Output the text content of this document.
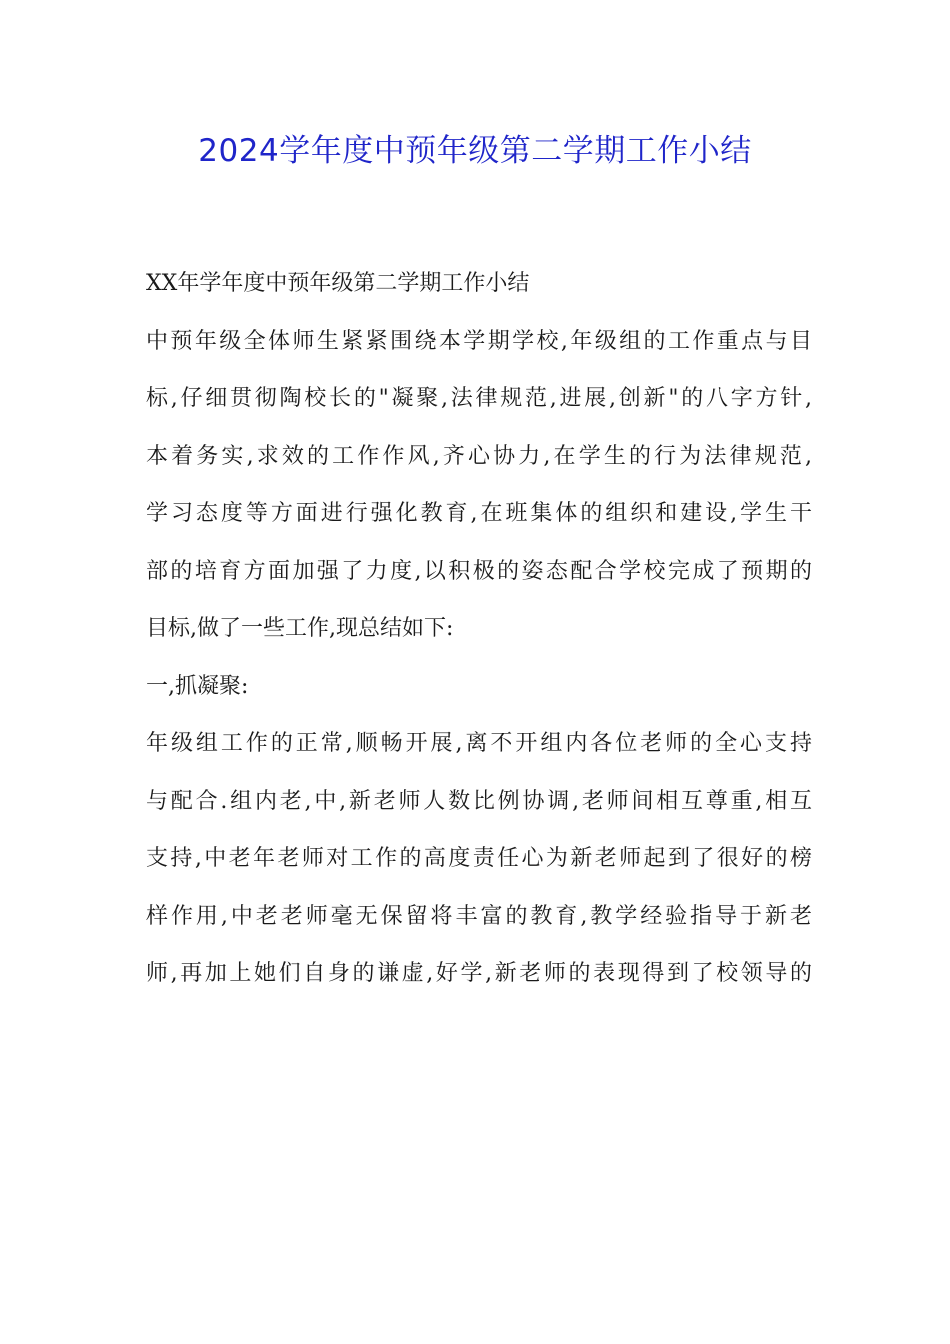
2024学年度中预年级第二学期工作小结
XX年学年度中预年级第二学期工作小结
中预年级全体师生紧紧围绕本学期学校,年级组的工作重点与目
标,仔细贯彻陶校长的"凝聚,法律规范,进展,创新"的八字方针,
本着务实,求效的工作作风,齐心协力,在学生的行为法律规范,
学习态度等方面进行强化教育,在班集体的组织和建设,学生干
部的培育方面加强了力度,以积极的姿态配合学校完成了预期的
目标,做了一些工作,现总结如下:
一,抓凝聚:
年级组工作的正常,顺畅开展,离不开组内各位老师的全心支持
与配合.组内老,中,新老师人数比例协调,老师间相互尊重,相互
支持,中老年老师对工作的高度责任心为新老师起到了很好的榜
样作用,中老老师毫无保留将丰富的教育,教学经验指导于新老
师,再加上她们自身的谦虚,好学,新老师的表现得到了校领导的
